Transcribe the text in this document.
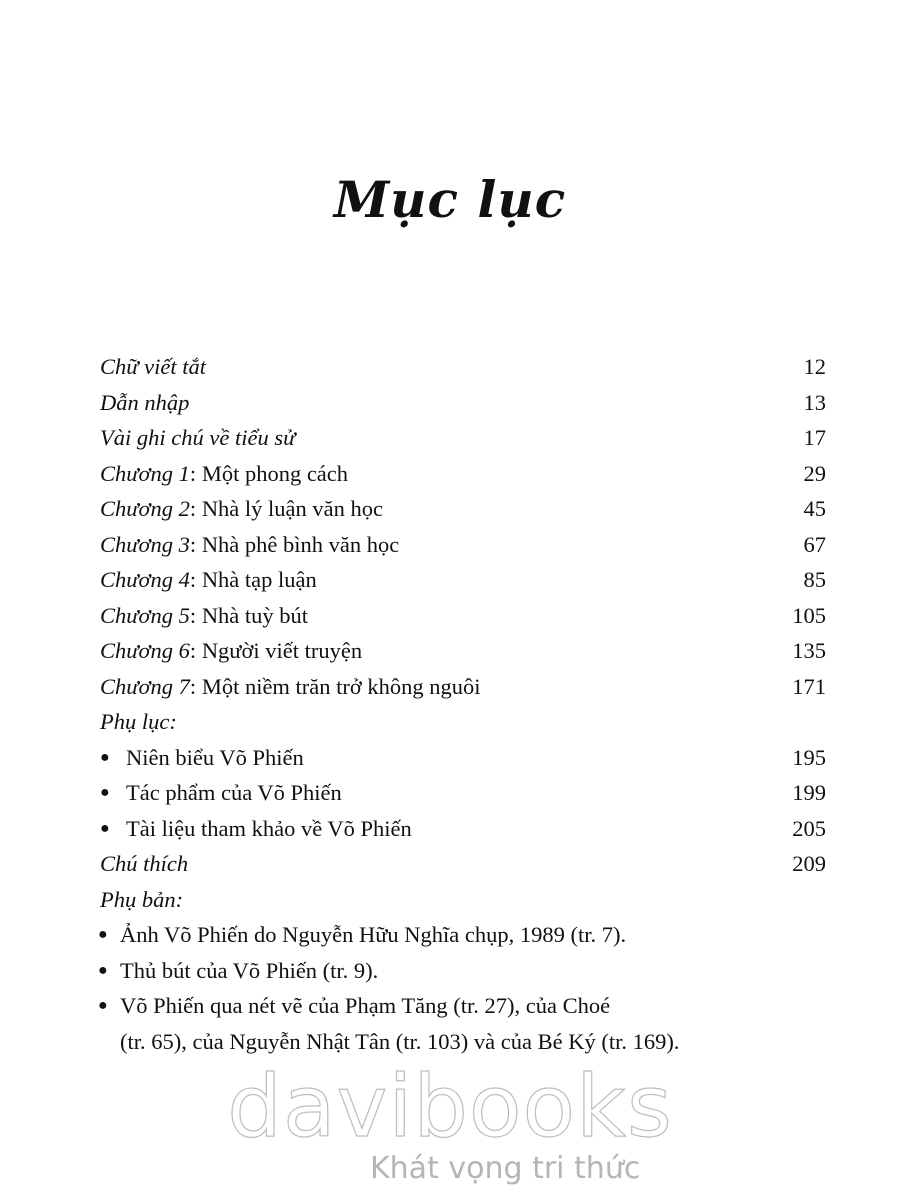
Mục lục
Chữ viết tắt	12
Dẫn nhập	13
Vài ghi chú về tiểu sử	17
Chương 1: Một phong cách	29
Chương 2: Nhà lý luận văn học	45
Chương 3: Nhà phê bình văn học	67
Chương 4: Nhà tạp luận	85
Chương 5: Nhà tuỳ bút	105
Chương 6: Người viết truyện	135
Chương 7: Một niềm trăn trở không nguôi	171
Phụ lục:
● Niên biểu Võ Phiến	195
● Tác phẩm của Võ Phiến	199
● Tài liệu tham khảo về Võ Phiến	205
Chú thích	209
Phụ bản:
● Ảnh Võ Phiến do Nguyễn Hữu Nghĩa chụp, 1989 (tr. 7).
● Thủ bút của Võ Phiến (tr. 9).
● Võ Phiến qua nét vẽ của Phạm Tăng (tr. 27), của Choé
(tr. 65), của Nguyễn Nhật Tân (tr. 103) và của Bé Ký (tr. 169).
davibooks
Khát vọng tri thức
